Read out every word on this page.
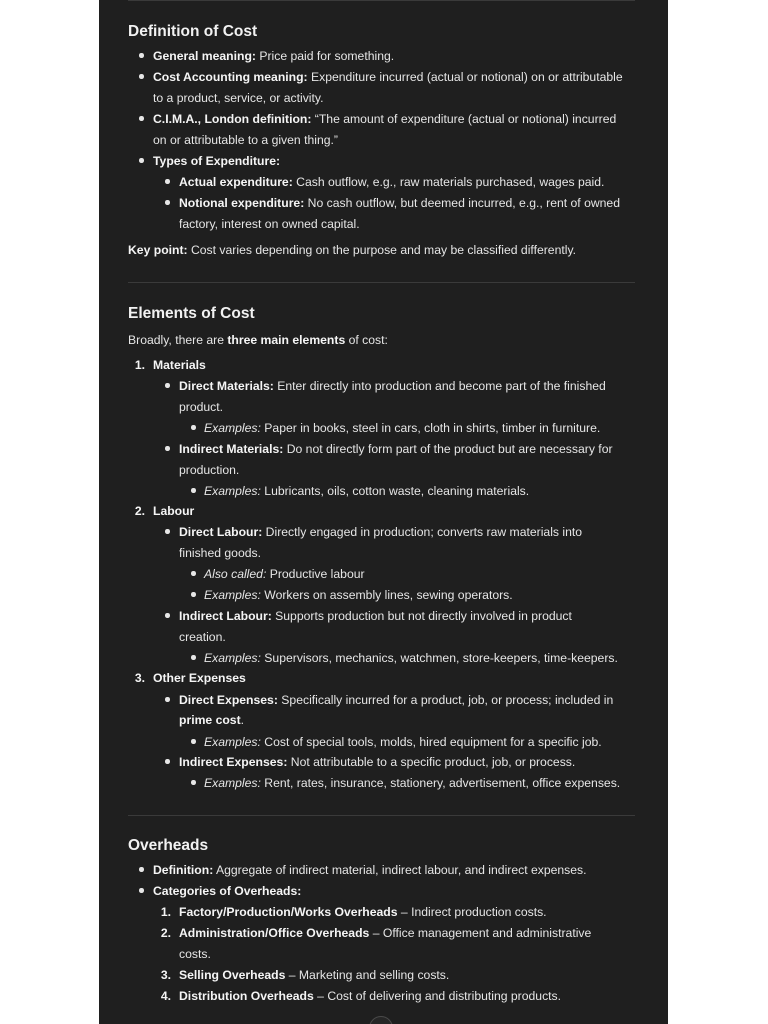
Definition of Cost

General meaning: Price paid for something.

Cost Accounting meaning: Expenditure incurred (actual or notional) on or attributable

to a product, service, or activity.

C.I.M.A., London definition: “The amount of expenditure (actual or notional) incurred

on or attributable to a given thing.”

Types of Expenditure:

Actual expenditure: Cash outflow, e.g., raw materials purchased, wages paid.

Notional expenditure: No cash outflow, but deemed incurred, e.g., rent of owned

factory, interest on owned capital.

Key point: Cost varies depending on the purpose and may be classified differently.

Elements of Cost

Broadly, there are three main elements of cost:

1. Materials

Direct Materials: Enter directly into production and become part of the finished

product.

Examples: Paper in books, steel in cars, cloth in shirts, timber in furniture.

Indirect Materials: Do not directly form part of the product but are necessary for

production.

Examples: Lubricants, oils, cotton waste, cleaning materials.

2. Labour

Direct Labour: Directly engaged in production; converts raw materials into

finished goods.

Also called: Productive labour

Examples: Workers on assembly lines, sewing operators.

Indirect Labour: Supports production but not directly involved in product

creation.

Examples: Supervisors, mechanics, watchmen, store-keepers, time-keepers.

3. Other Expenses

Direct Expenses: Specifically incurred for a product, job, or process; included in

prime cost.

Examples: Cost of special tools, molds, hired equipment for a specific job.

Indirect Expenses: Not attributable to a specific product, job, or process.

Examples: Rent, rates, insurance, stationery, advertisement, office expenses.

Overheads

Definition: Aggregate of indirect material, indirect labour, and indirect expenses.

Categories of Overheads:

1. Factory/Production/Works Overheads – Indirect production costs.

2. Administration/Office Overheads – Office management and administrative

costs.

3. Selling Overheads – Marketing and selling costs.

4. Distribution Overheads – Cost of delivering and distributing products.
